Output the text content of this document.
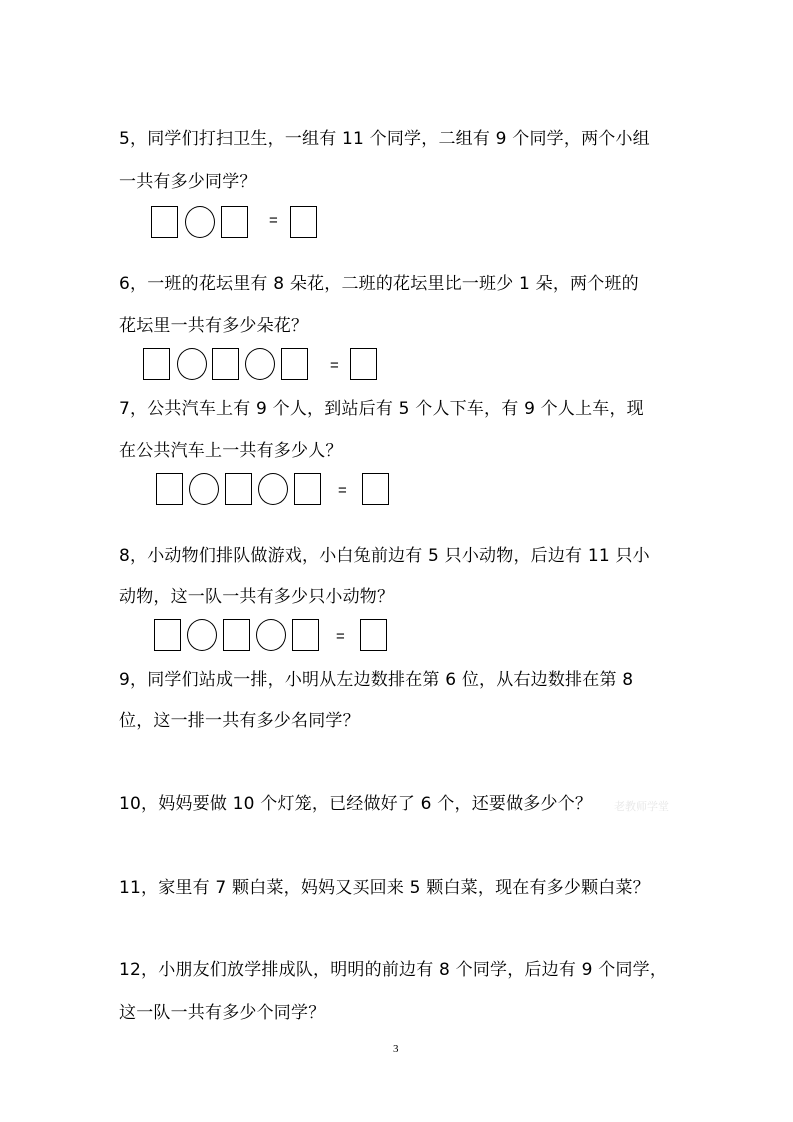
5，同学们打扫卫生，一组有 11 个同学，二组有 9 个同学，两个小组
一共有多少同学？
=
6，一班的花坛里有 8 朵花，二班的花坛里比一班少 1 朵，两个班的
花坛里一共有多少朵花？
=
7，公共汽车上有 9 个人，到站后有 5 个人下车，有 9 个人上车，现
在公共汽车上一共有多少人？
=
8，小动物们排队做游戏，小白兔前边有 5 只小动物，后边有 11 只小
动物，这一队一共有多少只小动物？
=
9，同学们站成一排，小明从左边数排在第 6 位，从右边数排在第 8
位，这一排一共有多少名同学？
10，妈妈要做 10 个灯笼，已经做好了 6 个，还要做多少个？ 老教师学堂
11，家里有 7 颗白菜，妈妈又买回来 5 颗白菜，现在有多少颗白菜？
12，小朋友们放学排成队，明明的前边有 8 个同学，后边有 9 个同学，
这一队一共有多少个同学？
3
